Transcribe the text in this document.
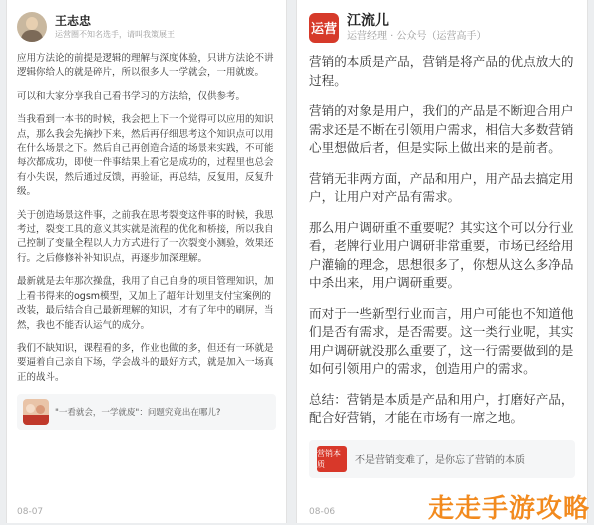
王志忠
运营圈不知名选手，请叫我策展王

应用方法论的前提是逻辑的理解与深度体验，只讲方法论不讲逻辑你给人的就是碎片，所以很多人一学就会，一用就废。

可以和大家分享我自己看书学习的方法给，仅供参考。

当我看到一本书的时候，我会把上下一个觉得可以应用的知识点，那么我会先摘抄下来，然后再仔细思考这个知识点可以用在什么场景之下。然后自己再创造合适的场景来实践，不可能每次都成功，即使一件事结果上看它是成功的，过程里也总会有小失误，然后通过反馈，再验证，再总结，反复用，反复升级。

关于创造场景这件事，之前我在思考裂变这件事的时候，我思考过，裂变工具的意义其实就是流程的优化和桥接，所以我自己控制了变量全程以人力方式进行了一次裂变小测验，效果还行。之后修修补补知识点，再逐步加深理解。

最新就是去年那次操盘，我用了自己自身的项目管理知识，加上看书得来的ogsm模型，又加上了超年计划里支付宝案例的改装，最后结合自己最新理解的知识，才有了年中的刷屏，当然，我也不能否认运气的成分。

我们不缺知识，课程看的多，作业也做的多，但还有一环就是要逼着自己亲自下场，学会战斗的最好方式，就是加入一场真正的战斗。

"一看就会，一学就废"：问题究竟出在哪儿?
08-07
运营
江流儿
运营经理 · 公众号（运营高手）

营销的本质是产品，营销是将产品的优点放大的过程。

营销的对象是用户，我们的产品是不断迎合用户需求还是不断在引领用户需求，相信大多数营销心里想做后者，但是实际上做出来的是前者。

营销无非两方面，产品和用户，用产品去搞定用户，让用户对产品有需求。

那么用户调研重不重要呢？其实这个可以分行业看，老牌行业用户调研非常重要，市场已经给用户灌输的理念，思想很多了，你想从这么多净品中杀出来，用户调研重要。

而对于一些新型行业而言，用户可能也不知道他们是否有需求，是否需要。这一类行业呢，其实用户调研就没那么重要了，这一行需要做到的是如何引领用户的需求，创造用户的需求。

总结：营销是本质是产品和用户，打磨好产品，配合好营销，才能在市场有一席之地。

营销本质	不是营销变难了，是你忘了营销的本质
08-06	走走手游攻略
